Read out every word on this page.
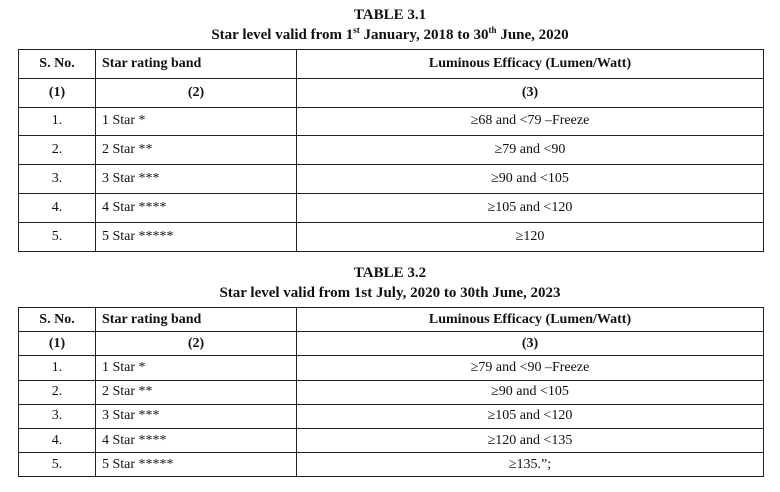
TABLE 3.1
Star level valid from 1st January, 2018 to 30th June, 2020
S. No.	Star rating band	Luminous Efficacy (Lumen/Watt)
(1)	(2)	(3)
1.	1 Star *	≥68 and <79 –Freeze
2.	2 Star **	≥79 and <90
3.	3 Star ***	≥90 and <105
4.	4 Star ****	≥105 and <120
5.	5 Star *****	≥120
TABLE 3.2
Star level valid from 1st July, 2020 to 30th June, 2023
S. No.	Star rating band	Luminous Efficacy (Lumen/Watt)
(1)	(2)	(3)
1.	1 Star *	≥79 and <90 –Freeze
2.	2 Star **	≥90 and <105
3.	3 Star ***	≥105 and <120
4.	4 Star ****	≥120 and <135
5.	5 Star *****	≥135.”;
